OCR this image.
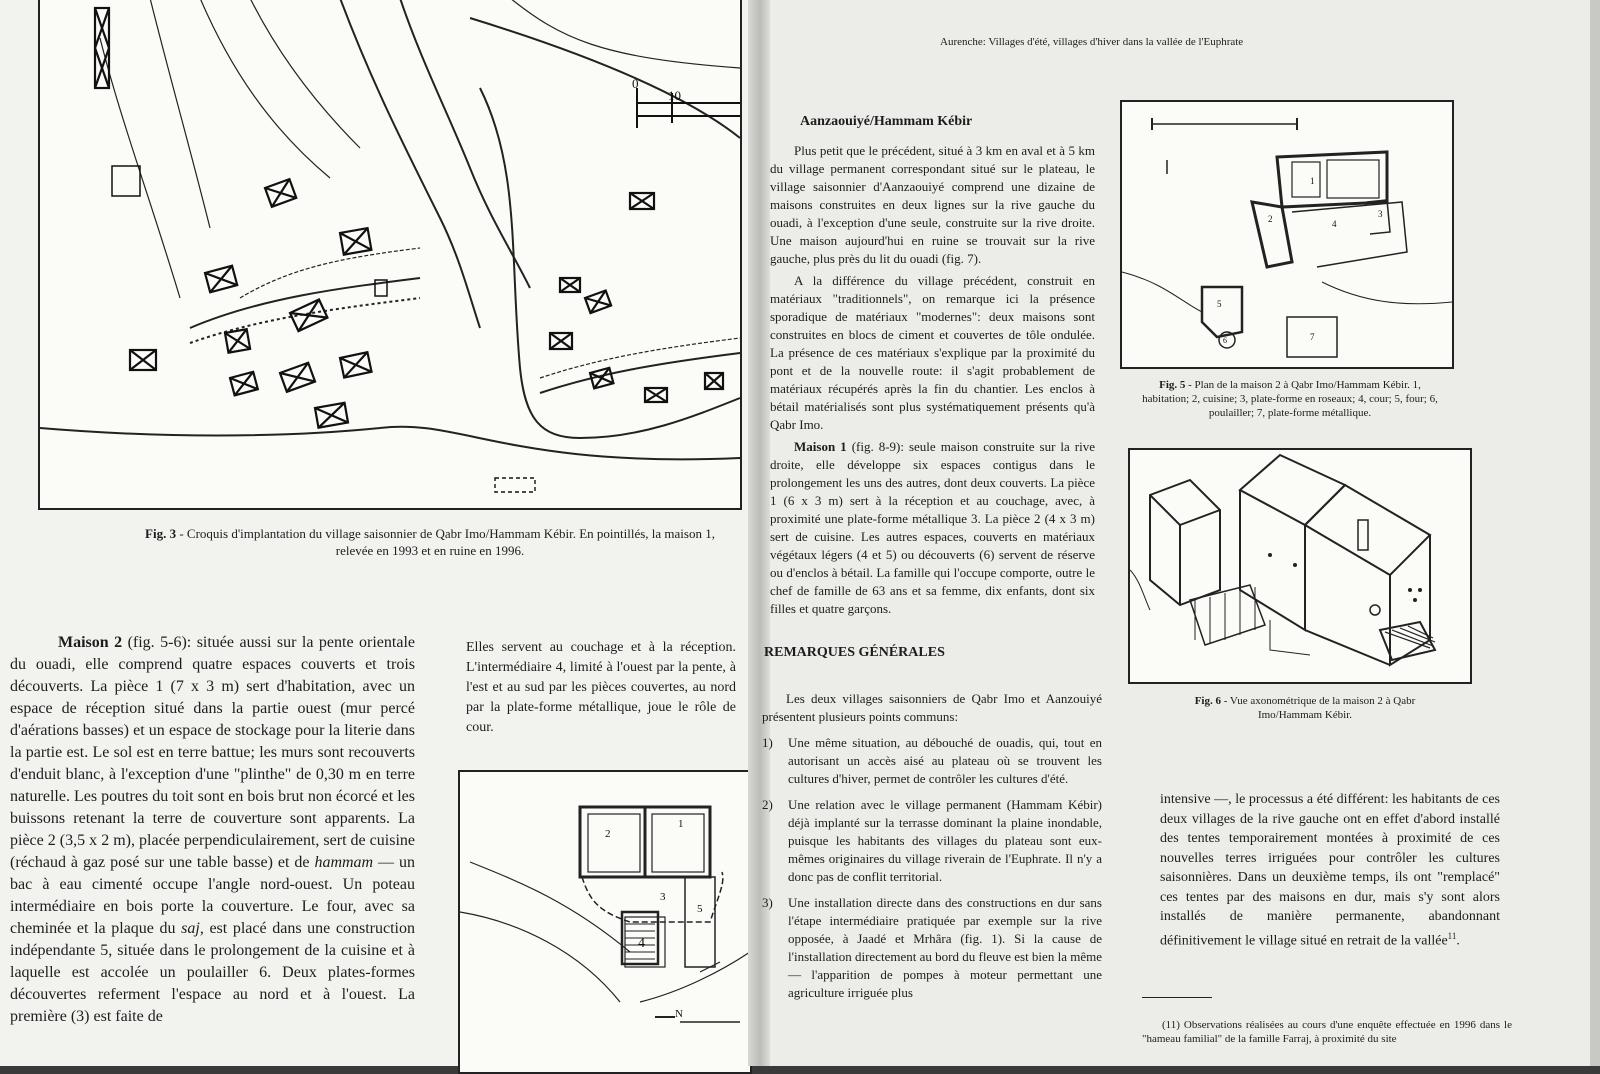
0
10
Fig. 3 - Croquis d'implantation du village saisonnier de Qabr Imo/Hammam Kébir. En pointillés, la maison 1, relevée en 1993 et en ruine en 1996.

Maison 2 (fig. 5-6): située aussi sur la pente orientale du ouadi, elle comprend quatre espaces couverts et trois découverts. La pièce 1 (7 x 3 m) sert d'habitation, avec un espace de réception situé dans la partie ouest (mur percé d'aérations basses) et un espace de stockage pour la literie dans la partie est. Le sol est en terre battue; les murs sont recouverts d'enduit blanc, à l'exception d'une "plinthe" de 0,30 m en terre naturelle. Les poutres du toit sont en bois brut non écorcé et les buissons retenant la terre de couverture sont apparents. La pièce 2 (3,5 x 2 m), placée perpendiculairement, sert de cuisine (réchaud à gaz posé sur une table basse) et de hammam — un bac à eau cimenté occupe l'angle nord-ouest. Un poteau intermédiaire en bois porte la couverture. Le four, avec sa cheminée et la plaque du saj, est placé dans une construction indépendante 5, située dans le prolongement de la cuisine et à laquelle est accolée un poulailler 6. Deux plates-formes découvertes referment l'espace au nord et à l'ouest. La première (3) est faite de

Elles servent au couchage et à la réception. L'intermédiaire 4, limité à l'ouest par la pente, à l'est et au sud par les pièces couvertes, au nord par la plate-forme métallique, joue le rôle de cour.

2
1
3
4
5
N
Aurenche: Villages d'été, villages d'hiver dans la vallée de l'Euphrate
Aanzaouiyé/Hammam Kébir

Plus petit que le précédent, situé à 3 km en aval et à 5 km du village permanent correspondant situé sur le plateau, le village saisonnier d'Aanzaouiyé comprend une dizaine de maisons construites en deux lignes sur la rive gauche du ouadi, à l'exception d'une seule, construite sur la rive droite. Une maison aujourd'hui en ruine se trouvait sur la rive gauche, plus près du lit du ouadi (fig. 7).

A la différence du village précédent, construit en matériaux "traditionnels", on remarque ici la présence sporadique de matériaux "modernes": deux maisons sont construites en blocs de ciment et couvertes de tôle ondulée. La présence de ces matériaux s'explique par la proximité du pont et de la nouvelle route: il s'agit probablement de matériaux récupérés après la fin du chantier. Les enclos à bétail matérialisés sont plus systématiquement présents qu'à Qabr Imo.

Maison 1 (fig. 8-9): seule maison construite sur la rive droite, elle développe six espaces contigus dans le prolongement les uns des autres, dont deux couverts. La pièce 1 (6 x 3 m) sert à la réception et au couchage, avec, à proximité une plate-forme métallique 3. La pièce 2 (4 x 3 m) sert de cuisine. Les autres espaces, couverts en matériaux végétaux légers (4 et 5) ou découverts (6) servent de réserve ou d'enclos à bétail. La famille qui l'occupe comporte, outre le chef de famille de 63 ans et sa femme, dix enfants, dont six filles et quatre garçons.

REMARQUES GÉNÉRALES

Les deux villages saisonniers de Qabr Imo et Aanzouiyé présentent plusieurs points communs:

1) Une même situation, au débouché de ouadis, qui, tout en autorisant un accès aisé au plateau où se trouvent les cultures d'hiver, permet de contrôler les cultures d'été.
2) Une relation avec le village permanent (Hammam Kébir) déjà implanté sur la terrasse dominant la plaine inondable, puisque les habitants des villages du plateau sont eux-mêmes originaires du village riverain de l'Euphrate. Il n'y a donc pas de conflit territorial.
3) Une installation directe dans des constructions en dur sans l'étape intermédiaire pratiquée par exemple sur la rive opposée, à Jaadé et Mrhâra (fig. 1). Si la cause de l'installation directement au bord du fleuve est bien la même — l'apparition de pompes à moteur permettant une agriculture irriguée plus
1
2	3
4
5
6	7
Fig. 5 - Plan de la maison 2 à Qabr Imo/Hammam Kébir. 1, habitation; 2, cuisine; 3, plate-forme en roseaux; 4, cour; 5, four; 6, poulailler; 7, plate-forme métallique.
Fig. 6 - Vue axonométrique de la maison 2 à Qabr Imo/Hammam Kébir.

intensive —, le processus a été différent: les habitants de ces deux villages de la rive gauche ont en effet d'abord installé des tentes temporairement montées à proximité de ces nouvelles terres irriguées pour contrôler les cultures saisonnières. Dans un deuxième temps, ils ont "remplacé" ces tentes par des maisons en dur, mais s'y sont alors installés de manière permanente, abandonnant définitivement le village situé en retrait de la vallée$^{11}$.

(11) Observations réalisées au cours d'une enquête effectuée en 1996 dans le "hameau familial" de la famille Farraj, à proximité du site
